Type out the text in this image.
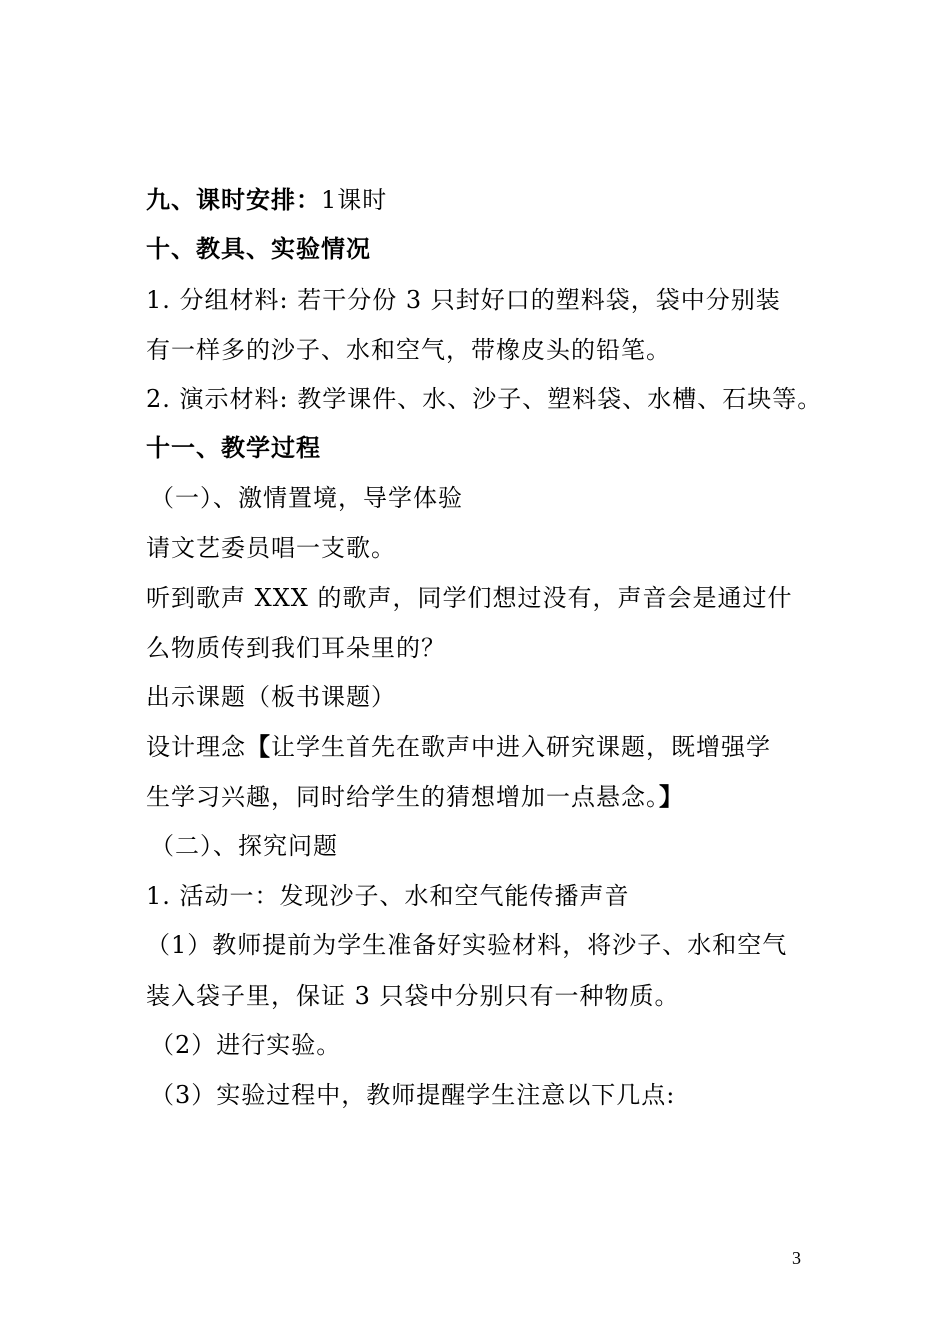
九、课时安排：1课时
十、教具、实验情况
1. 分组材料: 若干分份 3 只封好口的塑料袋，袋中分别装
有一样多的沙子、水和空气，带橡皮头的铅笔。
2. 演示材料: 教学课件、水、沙子、塑料袋、水槽、石块等。
十一、教学过程
（一）、激情置境，导学体验
请文艺委员唱一支歌。
听到歌声 XXX 的歌声，同学们想过没有，声音会是通过什
么物质传到我们耳朵里的？
出示课题（板书课题）
设计理念【让学生首先在歌声中进入研究课题，既增强学
生学习兴趣，同时给学生的猜想增加一点悬念。】
（二）、探究问题
1. 活动一：发现沙子、水和空气能传播声音
（1）教师提前为学生准备好实验材料，将沙子、水和空气
装入袋子里，保证 3 只袋中分别只有一种物质。
（2）进行实验。
（3）实验过程中，教师提醒学生注意以下几点:
3
